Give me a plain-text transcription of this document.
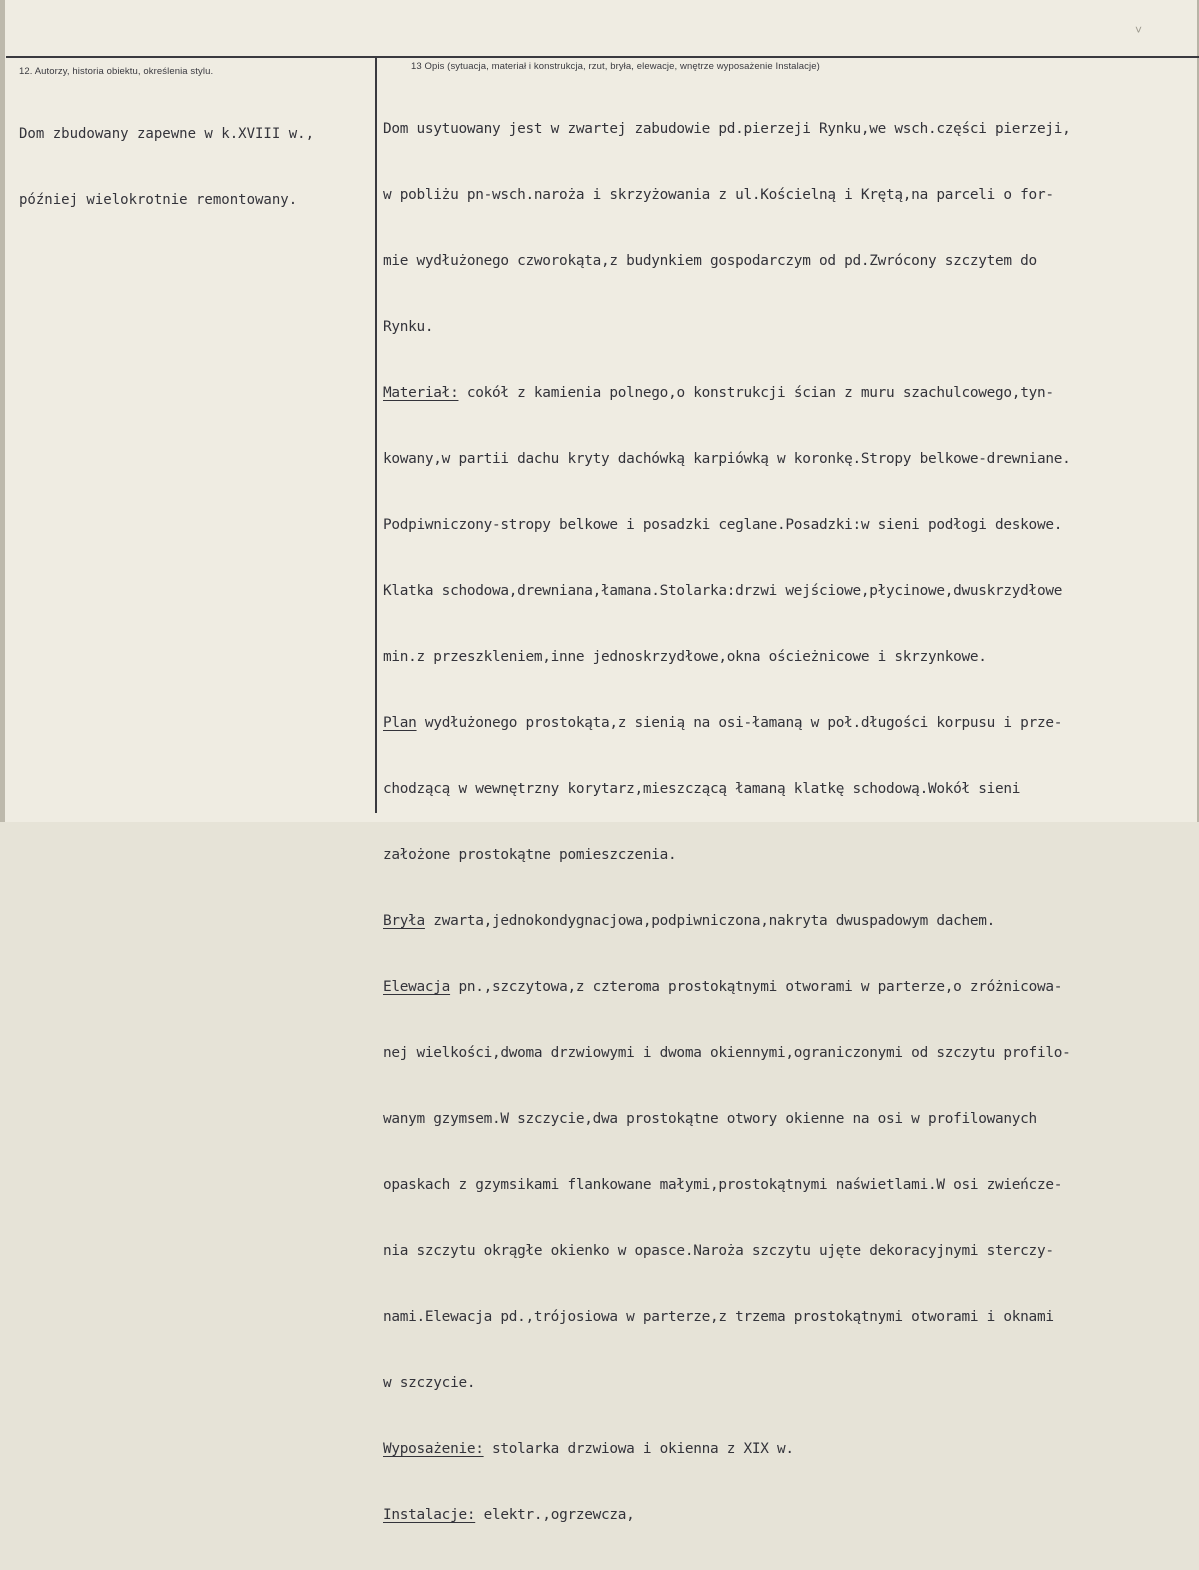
˅
12. Autorzy, historia obiektu, określenia stylu.	13 Opis (sytuacja, materiał i konstrukcja, rzut, bryła, elewacje, wnętrze wyposażenie Instalacje)

Dom zbudowany zapewne w k.XVIII w.,

później wielokrotnie remontowany.

Dom usytuowany jest w zwartej zabudowie pd.pierzeji Rynku,we wsch.części pierzeji,

w pobliżu pn-wsch.naroża i skrzyżowania z ul.Kościelną i Krętą,na parceli o for-

mie wydłużonego czworokąta,z budynkiem gospodarczym od pd.Zwrócony szczytem do

Rynku.

Materiał: cokół z kamienia polnego,o konstrukcji ścian z muru szachulcowego,tyn-

kowany,w partii dachu kryty dachówką karpiówką w koronkę.Stropy belkowe-drewniane.

Podpiwniczony-stropy belkowe i posadzki ceglane.Posadzki:w sieni podłogi deskowe.

Klatka schodowa,drewniana,łamana.Stolarka:drzwi wejściowe,płycinowe,dwuskrzydłowe

min.z przeszkleniem,inne jednoskrzydłowe,okna ościeżnicowe i skrzynkowe.

Plan wydłużonego prostokąta,z sienią na osi-łamaną w poł.długości korpusu i prze-

chodzącą w wewnętrzny korytarz,mieszczącą łamaną klatkę schodową.Wokół sieni

założone prostokątne pomieszczenia.

Bryła zwarta,jednokondygnacjowa,podpiwniczona,nakryta dwuspadowym dachem.

Elewacja pn.,szczytowa,z czteroma prostokątnymi otworami w parterze,o zróżnicowa-

nej wielkości,dwoma drzwiowymi i dwoma okiennymi,ograniczonymi od szczytu profilo-

wanym gzymsem.W szczycie,dwa prostokątne otwory okienne na osi w profilowanych

opaskach z gzymsikami flankowane małymi,prostokątnymi naświetlami.W osi zwieńcze-

nia szczytu okrągłe okienko w opasce.Naroża szczytu ujęte dekoracyjnymi sterczy-

nami.Elewacja pd.,trójosiowa w parterze,z trzema prostokątnymi otworami i oknami

w szczycie.

Wyposażenie: stolarka drzwiowa i okienna z XIX w.

Instalacje: elektr.,ogrzewcza,
